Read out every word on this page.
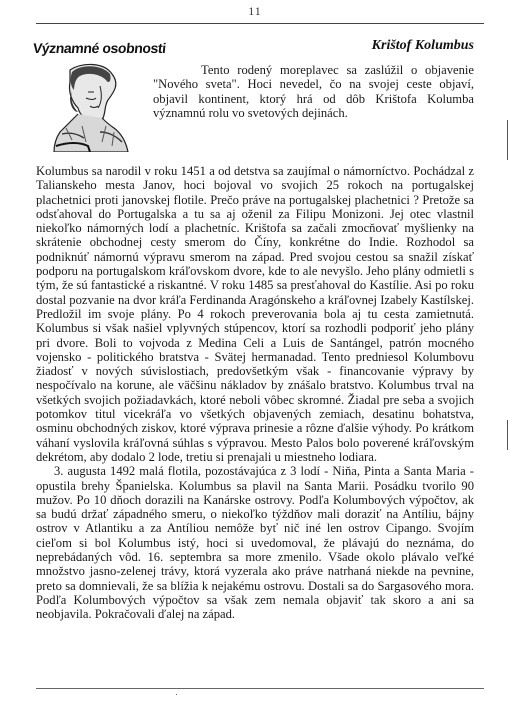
11
Významné osobnosti	Krištof Kolumbus
Tento rodený moreplavec sa zaslúžil o objavenie "Nového sveta". Hoci nevedel, čo na svojej ceste objaví, objavil kontinent, ktorý hrá od dôb Krištofa Kolumba významnú rolu vo svetových dejinách.

Kolumbus sa narodil v roku 1451 a od detstva sa zaujímal o námorníctvo. Pochádzal z Talianskeho mesta Janov, hoci bojoval vo svojich 25 rokoch na portugalskej plachetnici proti janovskej flotile. Prečo práve na portugalskej plachetnici ? Pretože sa odsťahoval do Portugalska a tu sa aj oženil za Filipu Monizoni. Jej otec vlastnil niekoľko námorných lodí a plachetníc. Krištofa sa začali zmocňovať myšlienky na skrátenie obchodnej cesty smerom do Číny, konkrétne do Indie. Rozhodol sa podniknúť námornú výpravu smerom na západ. Pred svojou cestou sa snažil získať podporu na portugalskom kráľovskom dvore, kde to ale nevyšlo. Jeho plány odmietli s tým, že sú fantastické a riskantné. V roku 1485 sa presťahoval do Kastílie. Asi po roku dostal pozvanie na dvor kráľa Ferdinanda Aragónskeho a kráľovnej Izabely Kastílskej. Predložil im svoje plány. Po 4 rokoch preverovania bola aj tu cesta zamietnutá. Kolumbus si však našiel vplyvných stúpencov, ktorí sa rozhodli podporiť jeho plány pri dvore. Boli to vojvoda z Medina Celi a Luis de Santángel, patrón mocného vojensko - politického bratstva - Svätej hermanadad. Tento predniesol Kolumbovu žiadosť v nových súvislostiach, predovšetkým však - financovanie výpravy by nespočívalo na korune, ale väčšinu nákladov by znášalo bratstvo. Kolumbus trval na všetkých svojich požiadavkách, ktoré neboli vôbec skromné. Žiadal pre seba a svojich potomkov titul vicekráľa vo všetkých objavených zemiach, desatinu bohatstva, osminu obchodných ziskov, ktoré výprava prinesie a rôzne ďalšie výhody. Po krátkom váhaní vyslovila kráľovná súhlas s výpravou. Mesto Palos bolo poverené kráľovským dekrétom, aby dodalo 2 lode, tretiu si prenajali u miestneho lodiara.

3. augusta 1492 malá flotila, pozostávajúca z 3 lodí - Niňa, Pinta a Santa Maria - opustila brehy Španielska. Kolumbus sa plavil na Santa Marii. Posádku tvorilo 90 mužov. Po 10 dňoch dorazili na Kanárske ostrovy. Podľa Kolumbových výpočtov, ak sa budú držať západného smeru, o niekoľko týždňov mali doraziť na Antíliu, bájny ostrov v Atlantiku a za Antíliou nemôže byť nič iné len ostrov Cipango. Svojím cieľom si bol Kolumbus istý, hoci si uvedomoval, že plávajú do neznáma, do neprebádaných vôd. 16. septembra sa more zmenilo. Všade okolo plávalo veľké množstvo jasno-zelenej trávy, ktorá vyzerala ako práve natrhaná niekde na pevnine, preto sa domnievali, že sa blížia k nejakému ostrovu. Dostali sa do Sargasového mora. Podľa Kolumbových výpočtov sa však zem nemala objaviť tak skoro a ani sa neobjavila. Pokračovali ďalej na západ.
